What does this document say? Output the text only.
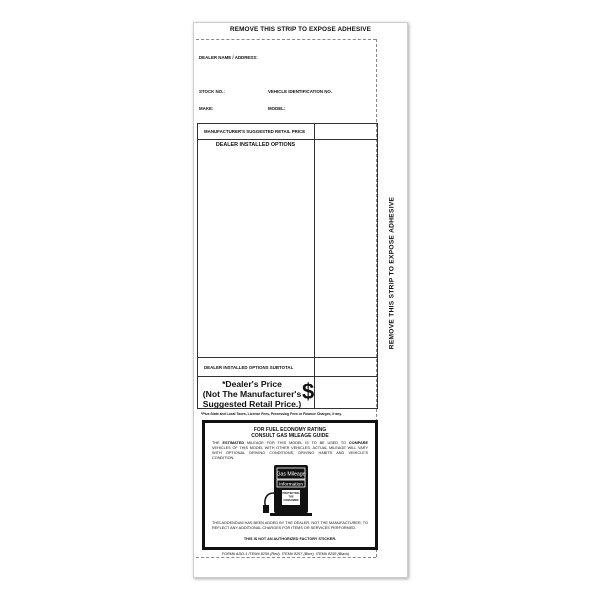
REMOVE THIS STRIP TO EXPOSE ADHESIVE
REMOVE THIS STRIP TO EXPOSE ADHESIVE
DEALER NAME / ADDRESS:
STOCK NO.:	VEHICLE IDENTIFICATION NO.
MAKE:	MODEL:
MANUFACTURER'S SUGGESTED RETAIL PRICE
DEALER INSTALLED OPTIONS
DEALER INSTALLED OPTIONS SUBTOTAL
*Dealer's Price
(Not The Manufacturer's
Suggested Retail Price.) $
*Plus State and Local Taxes, License Fees, Processing Fees or Finance Charges, if any.
FOR FUEL ECONOMY RATING
CONSULT GAS MILEAGE GUIDE
THE ESTIMATED MILEAGE FOR THIS MODEL IS TO BE USED TO COMPARE VEHICLES OF THIS MODEL WITH OTHER VEHICLES. ACTUAL MILEAGE WILL VARY WITH OPTIONAL DRIVING CONDITIONS, DRIVING HABITS AND VEHICLE'S CONDITION.
Gas Mileage
Information
PROTECTING
THE
CONSUMER
THIS ADDENDUM HAS BEEN ADDED BY THE DEALER, NOT THE MANUFACTURER, TO REFLECT ANY ADDITIONAL CHARGES FOR ITEMS OR SERVICES PERFORMED.
THIS IS NOT AN AUTHORIZED FACTORY STICKER.
FORM# ADD-1 ITEM# 8256 (Red), ITEM# 8257 (Blue), ITEM# 8258 (Black)
